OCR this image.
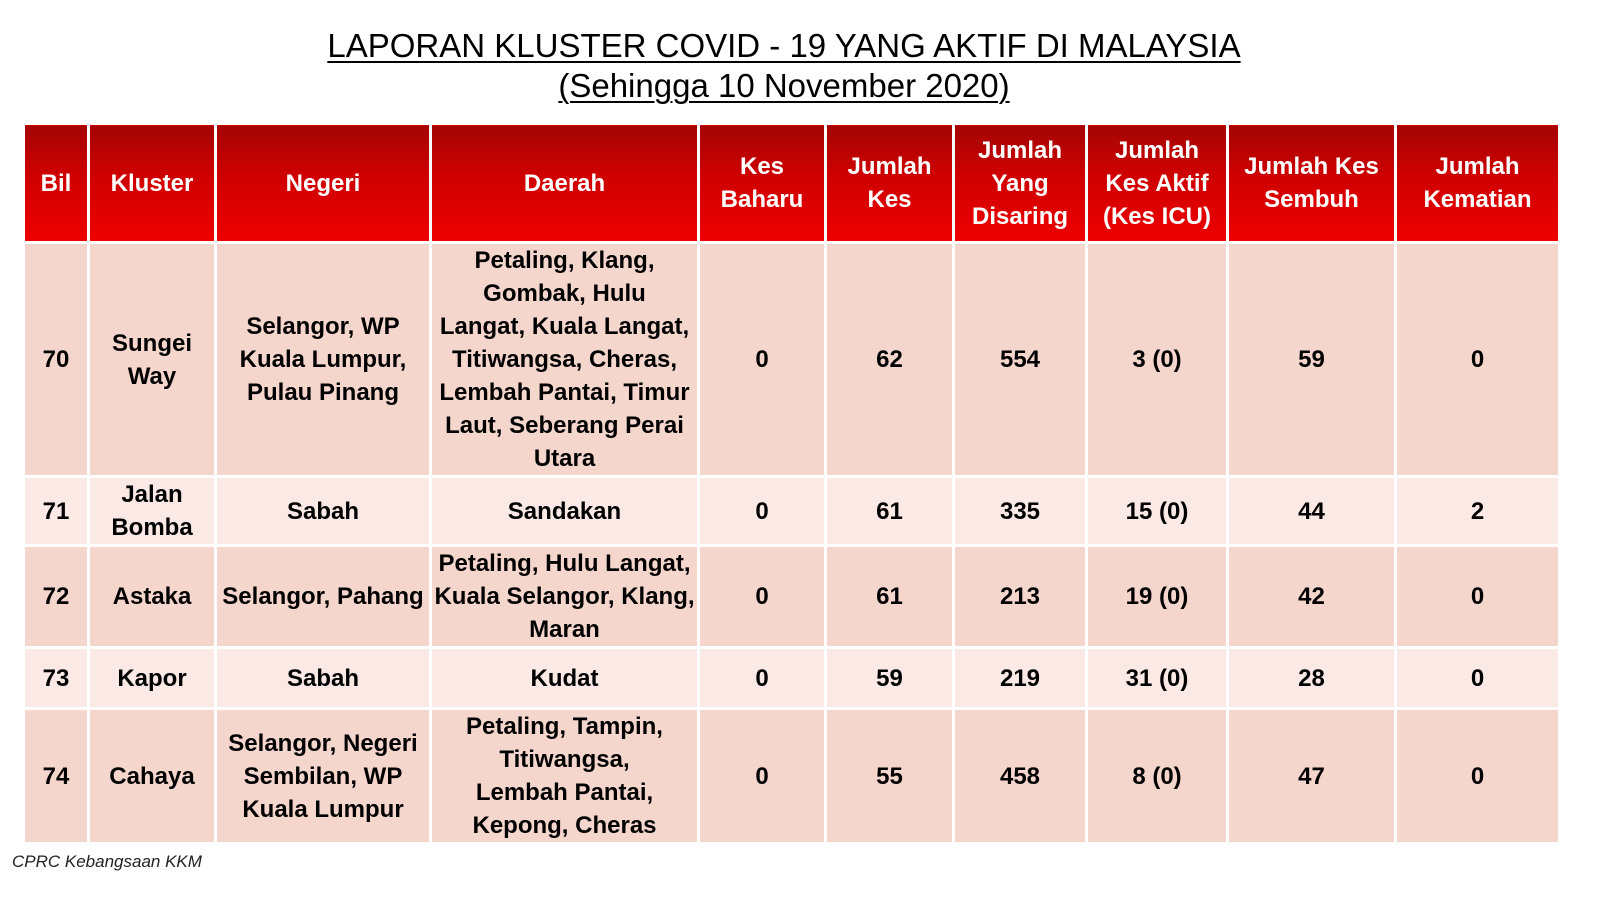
LAPORAN KLUSTER COVID - 19 YANG AKTIF DI MALAYSIA
(Sehingga 10 November 2020)
Bil	Kluster	Negeri	Daerah	Kes Baharu	Jumlah Kes	Jumlah Yang Disaring	Jumlah Kes Aktif (Kes ICU)	Jumlah Kes Sembuh	Jumlah Kematian
70	Sungei Way	Selangor, WP Kuala Lumpur, Pulau Pinang	Petaling, Klang, Gombak, Hulu Langat, Kuala Langat, Titiwangsa, Cheras, Lembah Pantai, Timur Laut, Seberang Perai Utara	0	62	554	3 (0)	59	0
71	Jalan Bomba	Sabah	Sandakan	0	61	335	15 (0)	44	2
72	Astaka	Selangor, Pahang	Petaling, Hulu Langat, Kuala Selangor, Klang, Maran	0	61	213	19 (0)	42	0
73	Kapor	Sabah	Kudat	0	59	219	31 (0)	28	0
74	Cahaya	Selangor, Negeri Sembilan, WP Kuala Lumpur	Petaling, Tampin, Titiwangsa, Lembah Pantai, Kepong, Cheras	0	55	458	8 (0)	47	0
CPRC Kebangsaan KKM
